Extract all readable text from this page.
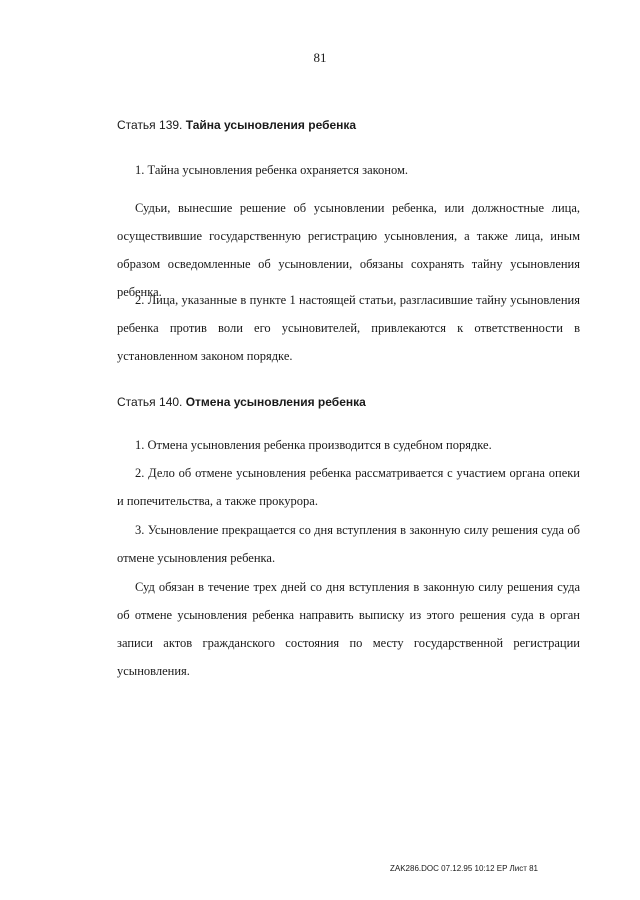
81

Статья 139. Тайна усыновления ребенка

1. Тайна усыновления ребенка охраняется законом.

Судьи, вынесшие решение об усыновлении ребенка, или должностные лица, осуществившие государственную регистрацию усыновления, а также лица, иным образом осведомленные об усыновлении, обязаны сохранять тайну усыновления ребенка.

2. Лица, указанные в пункте 1 настоящей статьи, разгласившие тайну усыновления ребенка против воли его усыновителей, привлекаются к ответственности в установленном законом порядке.

Статья 140. Отмена усыновления ребенка

1. Отмена усыновления ребенка производится в судебном порядке.

2. Дело об отмене усыновления ребенка рассматривается с участием органа опеки и попечительства, а также прокурора.

3. Усыновление прекращается со дня вступления в законную силу решения суда об отмене усыновления ребенка.

Суд обязан в течение трех дней со дня вступления в законную силу решения суда об отмене усыновления ребенка направить выписку из этого решения суда в орган записи актов гражданского состояния по месту государственной регистрации усыновления.

ZAK286.DOC 07.12.95 10:12 EP Лист 81
